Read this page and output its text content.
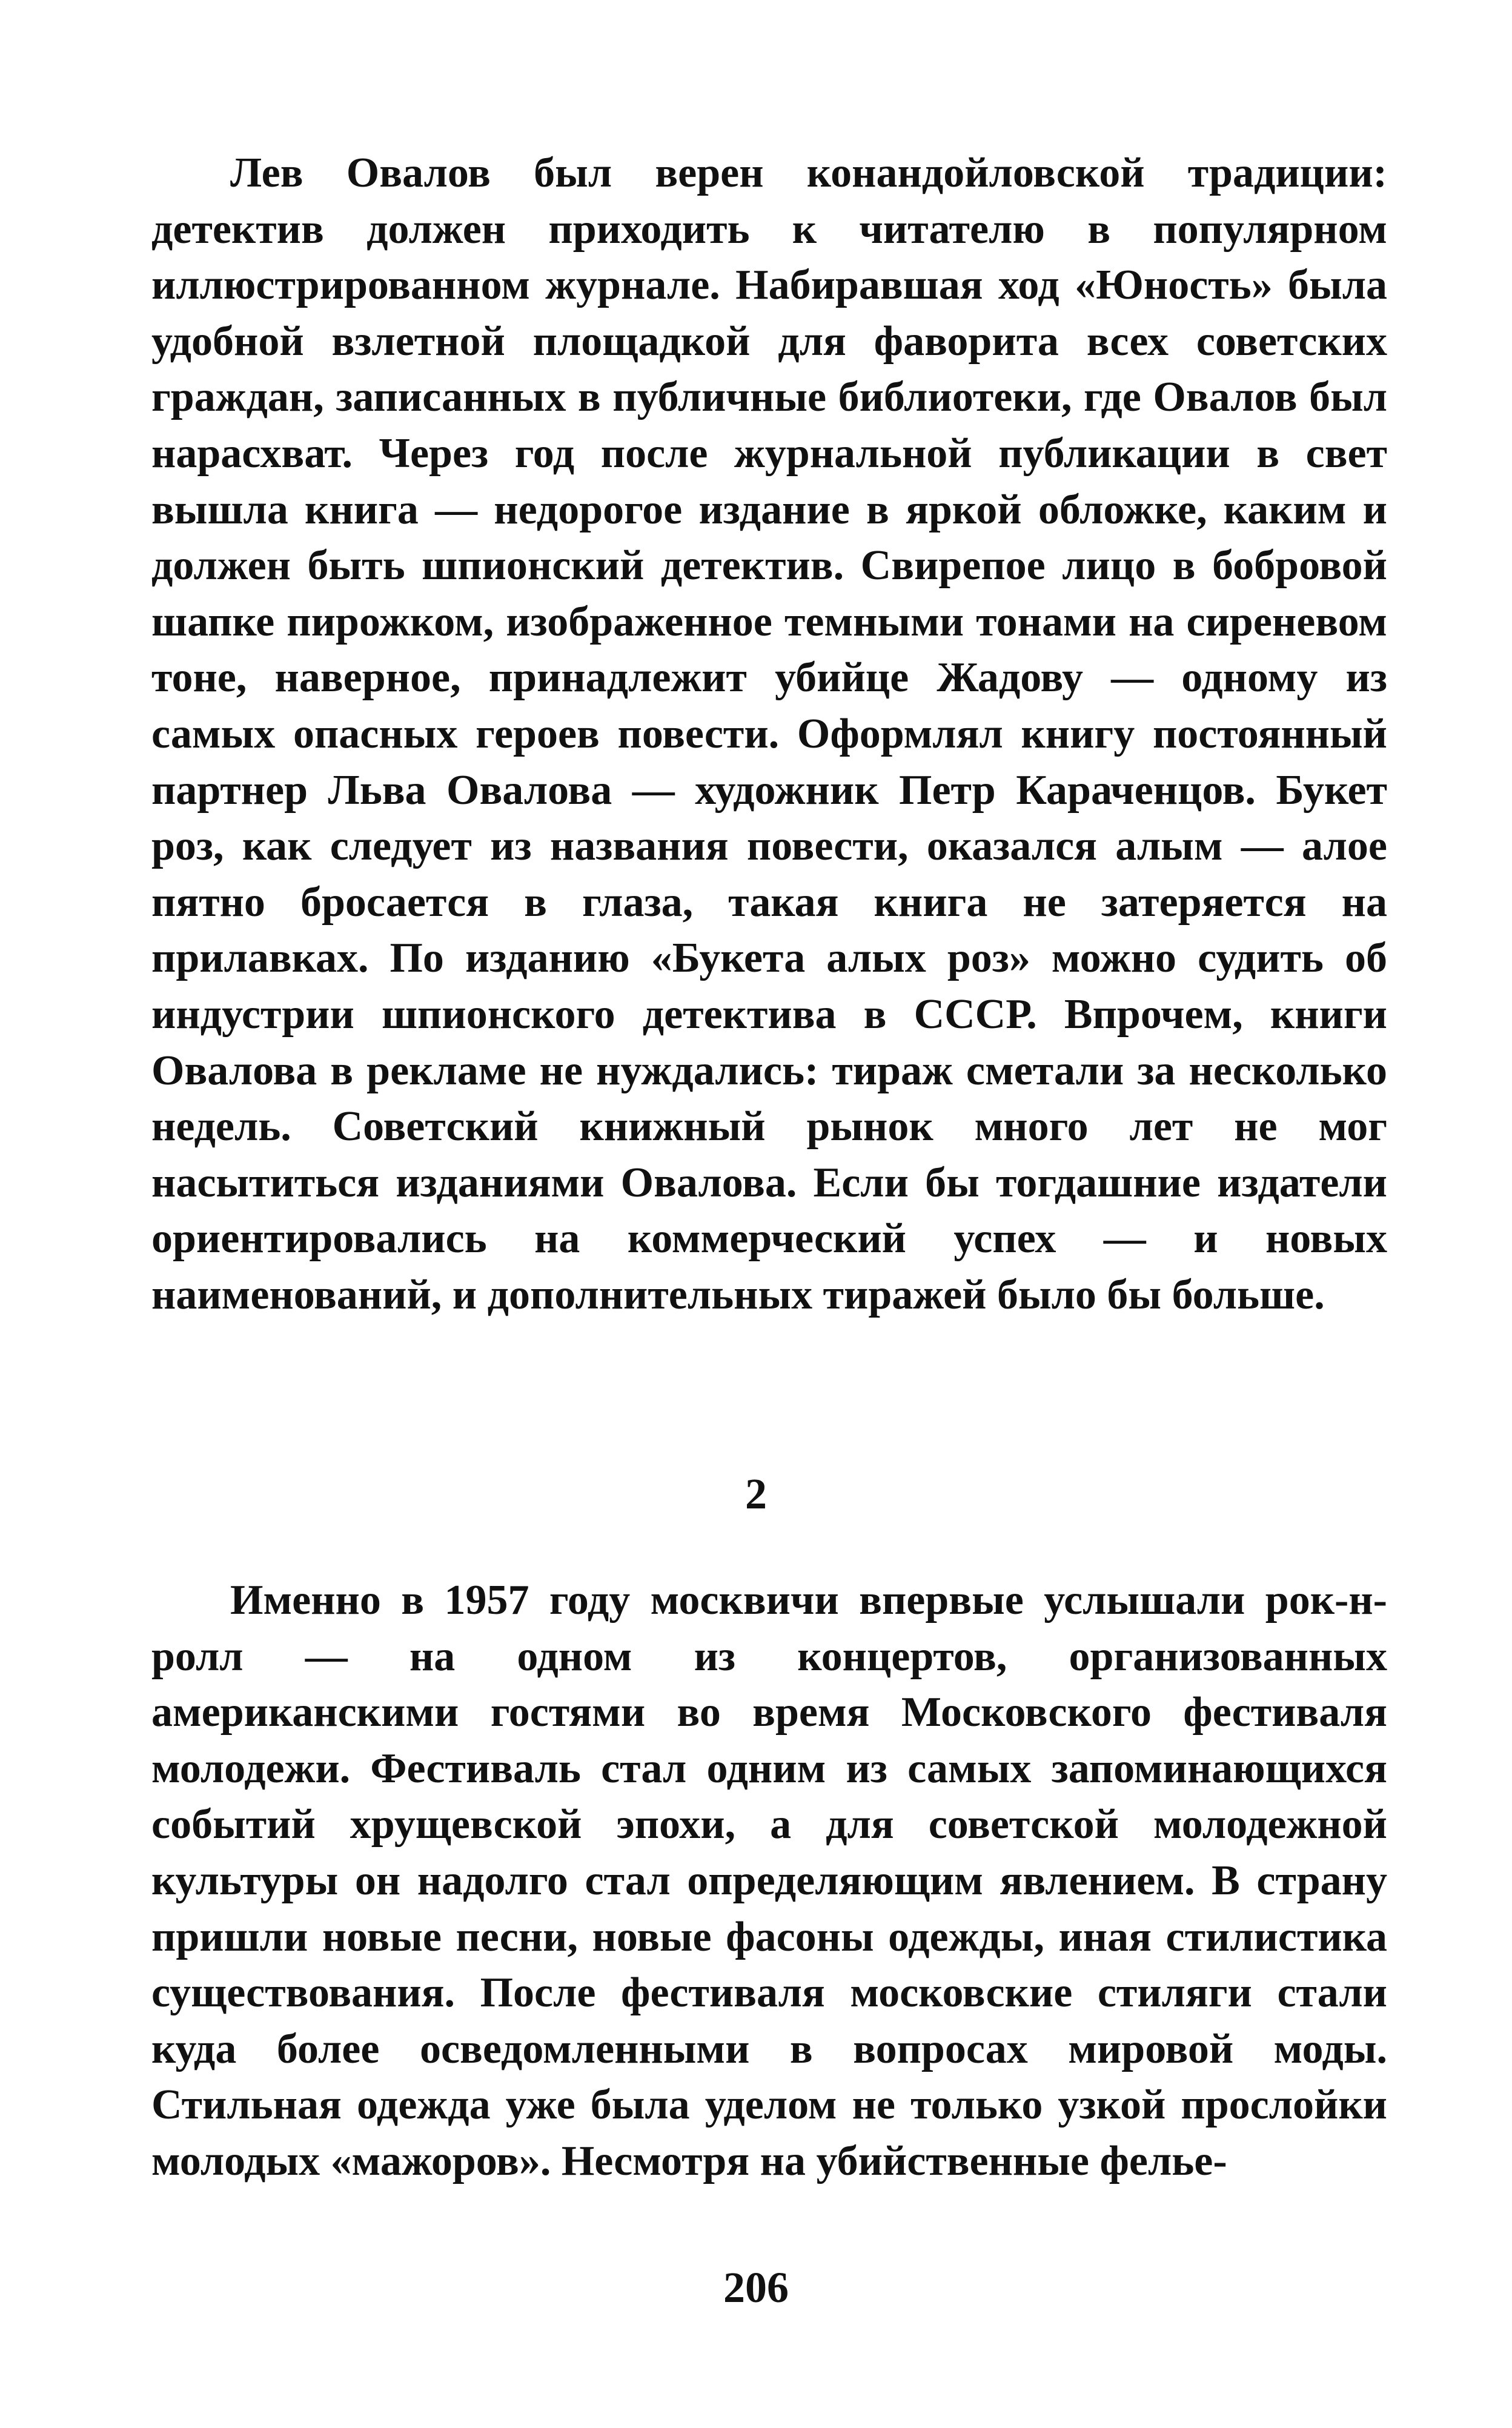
Лев Овалов был верен конандойловской традиции: детектив должен приходить к читателю в популярном иллюстрированном журнале. Набиравшая ход «Юность» была удобной взлетной площадкой для фаворита всех советских граждан, записанных в публичные библиотеки, где Овалов был нарасхват. Через год после журнальной публикации в свет вышла книга — недорогое издание в яркой обложке, каким и должен быть шпионский детектив. Свирепое лицо в бобровой шапке пирожком, изображенное темными тонами на сиреневом тоне, наверное, принадлежит убийце Жадову — одному из самых опасных героев повести. Оформлял книгу постоянный партнер Льва Овалова — художник Петр Караченцов. Букет роз, как следует из названия повести, оказался алым — алое пятно бросается в глаза, такая книга не затеряется на прилавках. По изданию «Букета алых роз» можно судить об индустрии шпионского детектива в СССР. Впрочем, книги Овалова в рекламе не нуждались: тираж сметали за несколько недель. Советский книжный рынок много лет не мог насытиться изданиями Овалова. Если бы тогдашние издатели ориентировались на коммерческий успех — и новых наименований, и дополнительных тиражей было бы больше.

2

Именно в 1957 году москвичи впервые услышали рок-н-ролл — на одном из концертов, организованных американскими гостями во время Московского фестиваля молодежи. Фестиваль стал одним из самых запоминающихся событий хрущевской эпохи, а для советской молодежной культуры он надолго стал определяющим явлением. В страну пришли новые песни, новые фасоны одежды, иная стилистика существования. После фестиваля московские стиляги стали куда более осведомленными в вопросах мировой моды. Стильная одежда уже была уделом не только узкой прослойки молодых «мажоров». Несмотря на убийственные фелье-

206
